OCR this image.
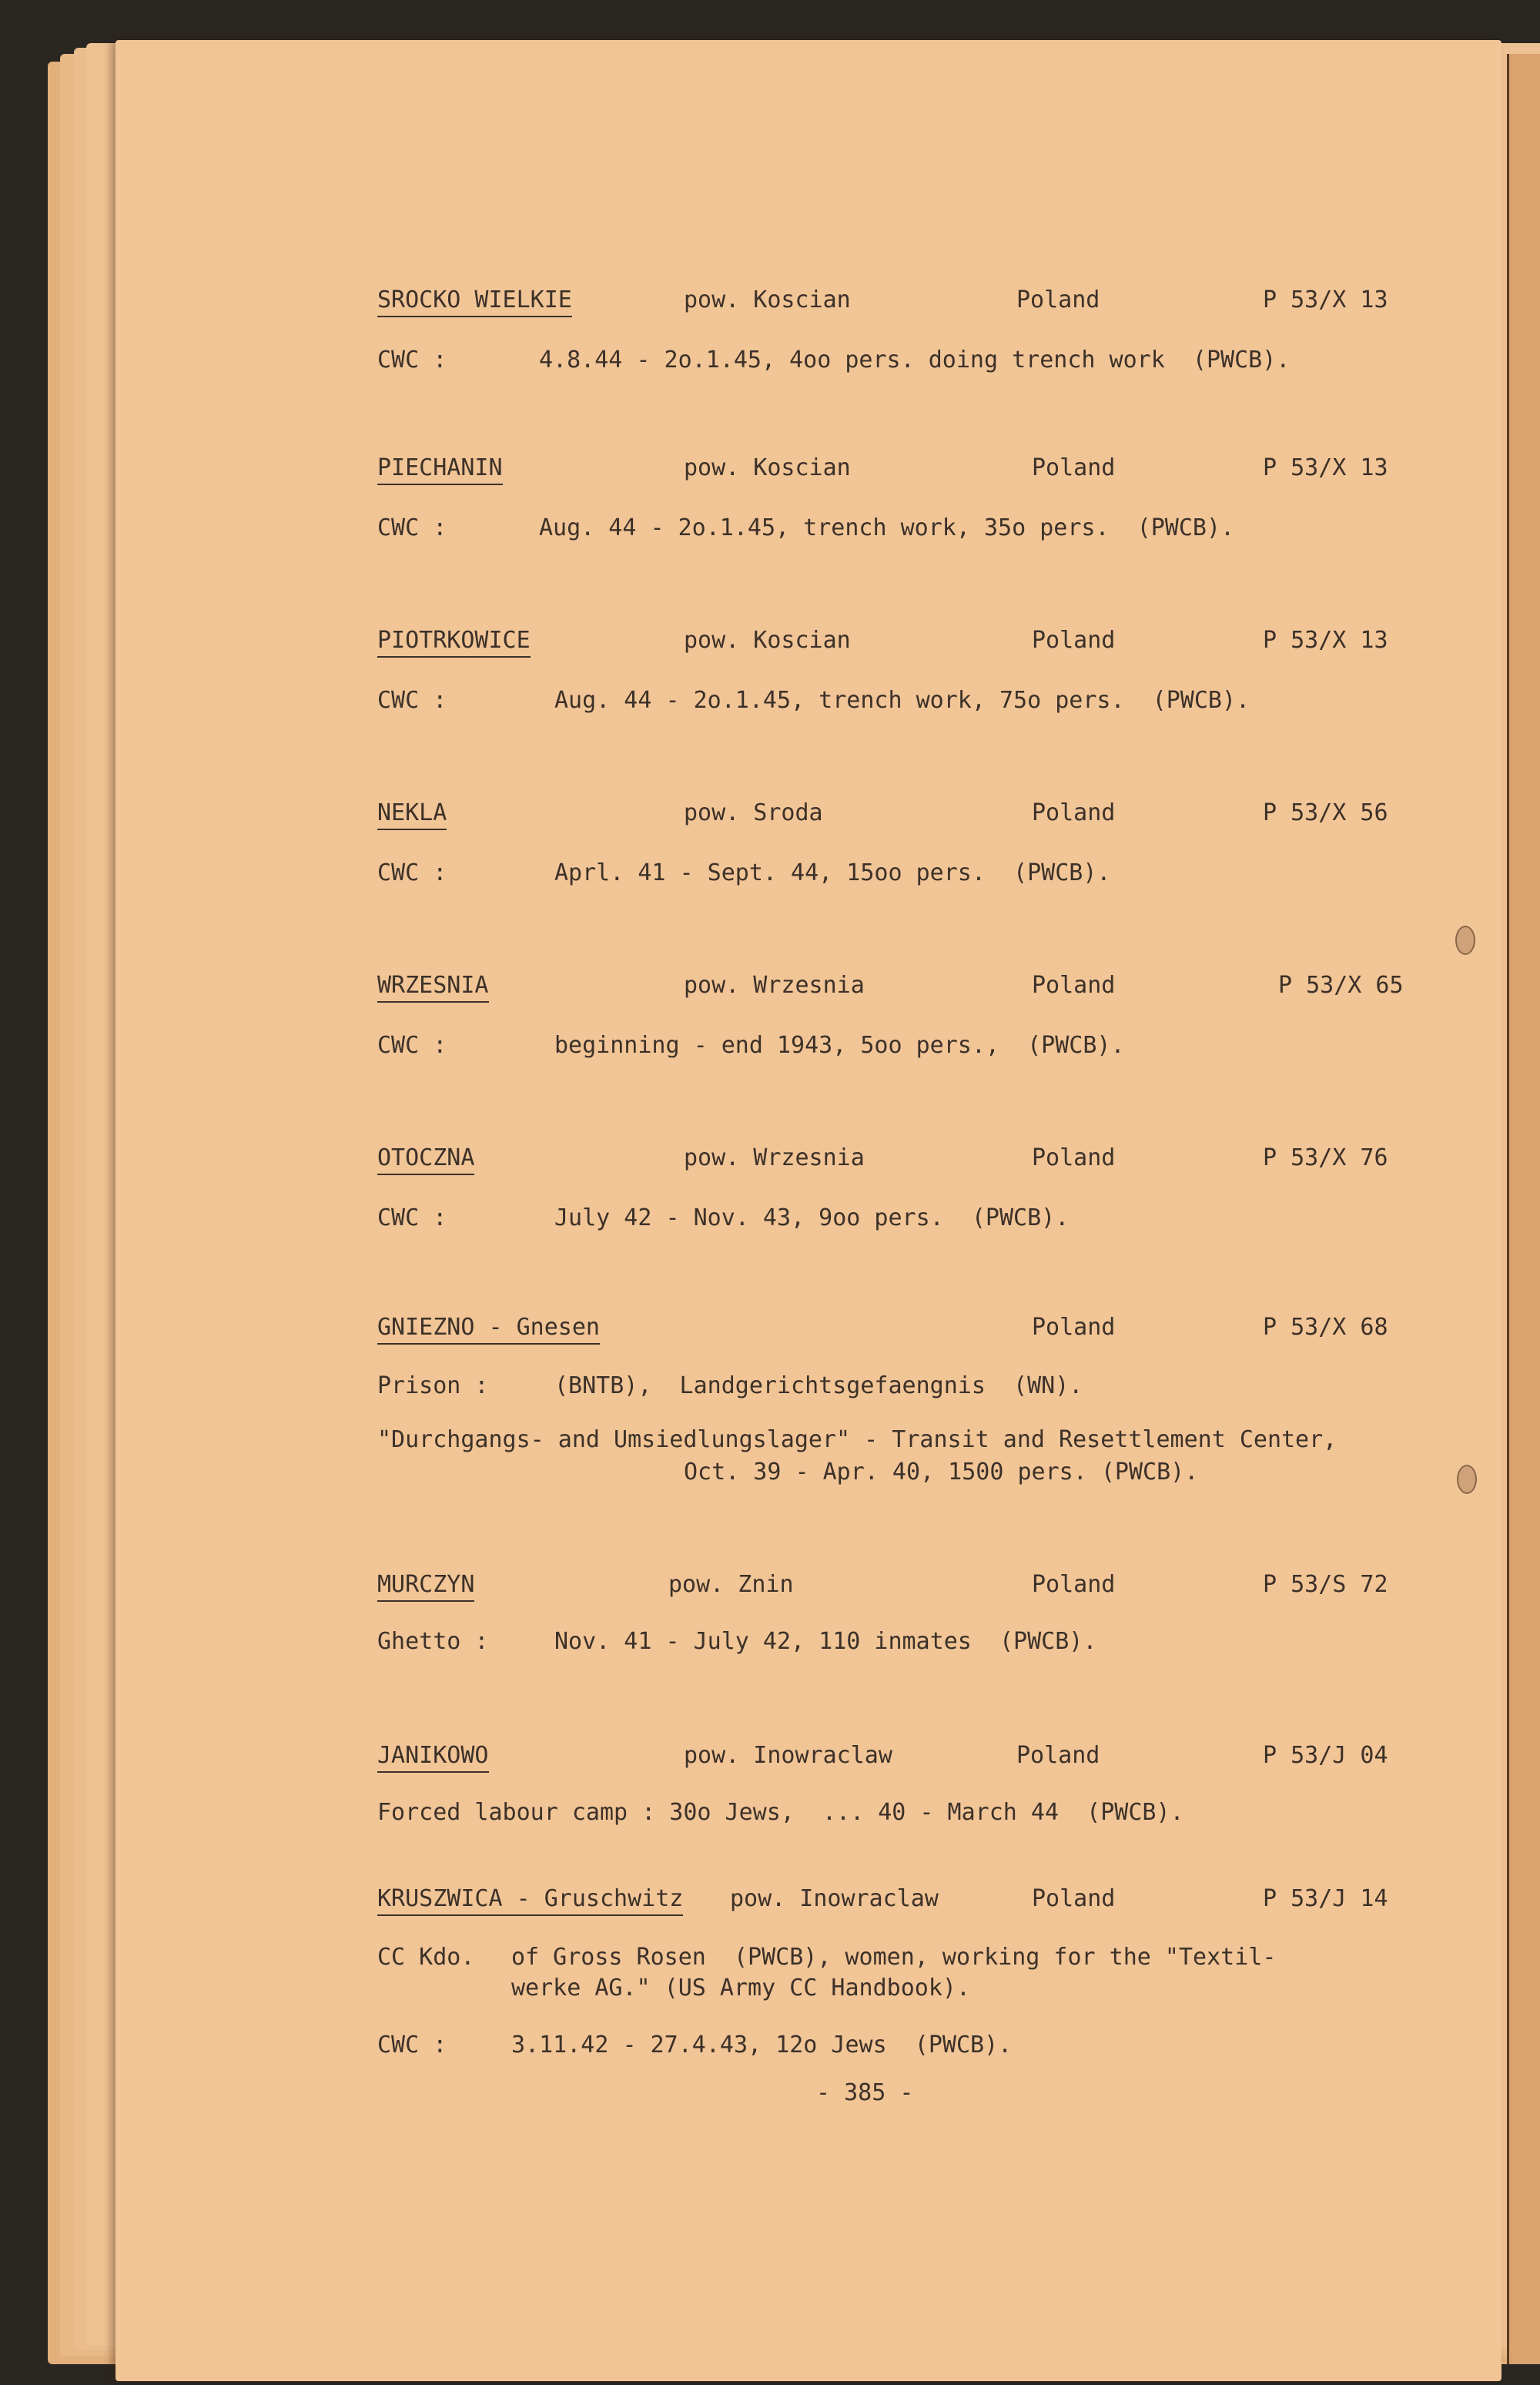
SROCKO WIELKIE	pow. Koscian	Poland	P 53/X 13
CWC :	4.8.44 - 2o.1.45, 4oo pers. doing trench work  (PWCB).
PIECHANIN	pow. Koscian	Poland	P 53/X 13
CWC :	Aug. 44 - 2o.1.45, trench work, 35o pers.  (PWCB).
PIOTRKOWICE	pow. Koscian	Poland	P 53/X 13
CWC :	Aug. 44 - 2o.1.45, trench work, 75o pers.  (PWCB).
NEKLA	pow. Sroda	Poland	P 53/X 56
CWC :	Aprl. 41 - Sept. 44, 15oo pers.  (PWCB).
WRZESNIA	pow. Wrzesnia	Poland	P 53/X 65
CWC :	beginning - end 1943, 5oo pers.,  (PWCB).
OTOCZNA	pow. Wrzesnia	Poland	P 53/X 76
CWC :	July 42 - Nov. 43, 9oo pers.  (PWCB).
GNIEZNO - Gnesen	Poland	P 53/X 68
Prison :	(BNTB),  Landgerichtsgefaengnis  (WN).
"Durchgangs- and Umsiedlungslager" - Transit and Resettlement Center,
Oct. 39 - Apr. 40, 1500 pers. (PWCB).
MURCZYN	pow. Znin	Poland	P 53/S 72
Ghetto :	Nov. 41 - July 42, 110 inmates  (PWCB).
JANIKOWO	pow. Inowraclaw	Poland	P 53/J 04
Forced labour camp : 30o Jews,  ... 40 - March 44  (PWCB).
KRUSZWICA - Gruschwitz pow. Inowraclaw	Poland	P 53/J 14
CC Kdo. of Gross Rosen  (PWCB), women, working for the "Textil-
werke AG." (US Army CC Handbook).
CWC :	3.11.42 - 27.4.43, 12o Jews  (PWCB).
- 385 -
